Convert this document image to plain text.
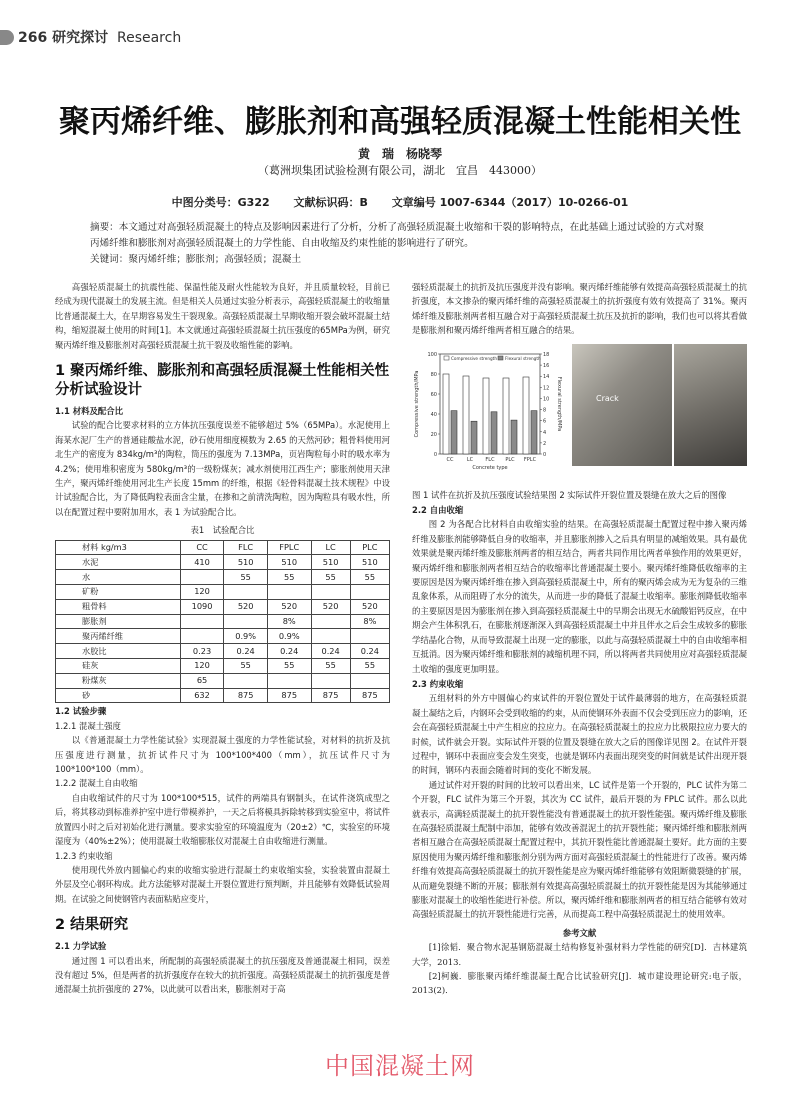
266 研究探讨 Research
聚丙烯纤维、膨胀剂和高强轻质混凝土性能相关性
黄　瑞　杨晓琴
（葛洲坝集团试验检测有限公司，湖北　宜昌　443000）
中图分类号：G322 文献标识码：B 文章编号 1007-6344（2017）10-0266-01
摘要：本文通过对高强轻质混凝土的特点及影响因素进行了分析，分析了高强轻质混凝土收缩和干裂的影响特点，在此基础上通过试验的方式对聚丙烯纤维和膨胀剂对高强轻质混凝土的力学性能、自由收缩及约束性能的影响进行了研究。
关键词：聚丙烯纤维；膨胀剂；高强轻质；混凝土
高强轻质混凝土的抗震性能、保温性能及耐火性能较为良好，并且质量较轻，目前已经成为现代混凝土的发展主流。但是相关人员通过实验分析表示，高强轻质混凝土的收缩量比普通混凝土大，在早期容易发生干裂现象。高强轻质混凝土早期收缩开裂会破坏混凝土结构，缩短混凝土使用的时间[1]。本文就通过高强轻质混凝土抗压强度的65MPa为例，研究聚丙烯纤维及膨胀剂对高强轻质混凝土抗干裂及收缩性能的影响。
1 聚丙烯纤维、膨胀剂和高强轻质混凝土性能相关性分析试验设计
1.1 材料及配合比
试验的配合比要求材料的立方体抗压强度误差不能够超过 5%（65MPa）。水泥使用上海某水泥厂生产的普通硅酸盐水泥，砂石使用细度模数为 2.65 的天然河砂；粗骨料使用河北生产的密度为 834kg/m³的陶粒，筒压的强度为 7.13MPa，页岩陶粒每小时的吸水率为 4.2%；使用堆积密度为 580kg/m³的一级粉煤灰；减水剂使用江西生产；膨胀剂使用天津生产，聚丙烯纤维使用河北生产长度 15mm 的纤维，根据《轻骨料混凝土技术规程》中设计试验配合比，为了降低陶粒表面含尘量，在掺和之前清洗陶粒，因为陶粒具有吸水性，所以在配置过程中要附加用水，表 1 为试验配合比。
表1　试验配合比
材料 kg/m3	CC	FLC	FPLC	LC	PLC
水泥	410	510	510	510	510
水		55	55	55	55
矿粉	120				
粗骨料	1090	520	520	520	520
膨胀剂			8%		8%
聚丙烯纤维		0.9%	0.9%		
水胶比	0.23	0.24	0.24	0.24	0.24
硅灰	120	55	55	55	55
粉煤灰	65				
砂	632	875	875	875	875
1.2 试验步骤
1.2.1 混凝土强度
以《普通混凝土力学性能试验》实现混凝土强度的力学性能试验，对材料的抗折及抗压强度进行测量，抗折试件尺寸为 100*100*400（mm），抗压试件尺寸为 100*100*100（mm）。
1.2.2 混凝土自由收缩
自由收缩试件的尺寸为 100*100*515，试件的两端具有钢制头，在试件浇筑成型之后，将其移动到标准养护室中进行带模养护，一天之后将模具拆除转移到实验室中，将试件放置四小时之后对初始化进行测量。要求实验室的环境温度为（20±2）℃，实验室的环境湿度为（40%±2%）；使用混凝土收缩膨胀仪对混凝土自由收缩进行测量。
1.2.3 约束收缩
使用现代外放内圆偏心约束的收缩实验进行混凝土约束收缩实验，实验装置由混凝土外层及空心钢环构成。此方法能够对混凝土开裂位置进行预判断，并且能够有效降低试验周期。在试验之间使钢管内表面粘贴应变片，
2 结果研究
2.1 力学试验
通过图 1 可以看出来，所配制的高强轻质混凝土的抗压强度及普通混凝土相同，误差没有超过 5%，但是两者的抗折强度存在较大的抗折强度。高强轻质混凝土的抗折强度是普通混凝土抗折强度的 27%，以此就可以看出来，膨胀剂对于高
强轻质混凝土的抗折及抗压强度并没有影响。聚丙烯纤维能够有效提高高强轻质混凝土的抗折强度，本文掺杂的聚丙烯纤维的高强轻质混凝土的抗折强度有效有效提高了 31%。聚丙烯纤维及膨胀剂两者相互融合对于高强轻质混凝土抗压及抗折的影响，我们也可以将其看做是膨胀剂和聚丙烯纤维两者相互融合的结果。
0
20
40
60
80
100
0
2
4
6
8
10
12
14
16
18
CC	LC FLC PLC FPLC
Compressive strength Flexural strength
Concrete type
Compressive strength/MPa	Flexural strength/MPa	Crack
图 1 试件在抗折及抗压强度试验结果图 2 实际试件开裂位置及裂缝在放大之后的图像
2.2 自由收缩
图 2 为各配合比材料自由收缩实验的结果。在高强轻质混凝土配置过程中掺入聚丙烯纤维及膨胀剂能够降低自身的收缩率，并且膨胀剂掺入之后具有明显的减缩效果。具有最优效果就是聚丙烯纤维及膨胀剂两者的相互结合，两者共同作用比两者单独作用的效果更好，聚丙烯纤维和膨胀剂两者相互结合的收缩率比普通混凝土要小。聚丙烯纤维降低收缩率的主要原因是因为聚丙烯纤维在掺入到高强轻质混凝土中，所有的聚丙烯会成为无为复杂的三维乱象体系，从而阻碍了水分的流失，从而进一步的降低了混凝土收缩率。膨胀剂降低收缩率的主要原因是因为膨胀剂在掺入到高强轻质混凝土中的早期会出现无水硫酸铝钙反应，在中期会产生体积乳石，在膨胀剂逐渐深入到高强轻质混凝土中并且伴水之后会生成较多的膨胀学结晶化合物，从而导致混凝土出现一定的膨胀，以此与高强轻质混凝土中的自由收缩率相互抵消。因为聚丙烯纤维和膨胀剂的减缩机理不同，所以将两者共同使用应对高强轻质混凝土收缩的强度更加明显。
2.3 约束收缩
五组材料的外方中圆偏心约束试件的开裂位置处于试件最薄弱的地方，在高强轻质混凝土凝结之后，内钢环会受到收缩的约束，从而使钢环外表面不仅会受到压应力的影响，还会在高强轻质混凝土中产生相应的拉应力。在高强轻质混凝土的拉应力比极限拉应力要大的时候，试件就会开裂。实际试件开裂的位置及裂缝在放大之后的图像详见图 2。在试件开裂过程中，钢环中表面应变会发生突变，也就是钢环内表面出现突变的时间就是试件出现开裂的时间，钢环内表面会随着时间的变化不断发展。
通过试件对开裂的时间的比较可以看出来，LC 试件是第一个开裂的，PLC 试件为第二个开裂，FLC 试件为第三个开裂，其次为 CC 试件，最后开裂的为 FPLC 试件。那么以此就表示，高满轻质混凝土的抗开裂性能没有普通混凝土的抗开裂性能强。聚丙烯纤维及膨胀在高强轻质混凝土配制中添加，能够有效改善混泥土的抗开裂性能；聚丙烯纤维和膨胀剂两者相互融合在高强轻质混凝土配置过程中，其抗开裂性能比普通混凝土要好。此方面的主要原因使用为聚丙烯纤维和膨胀剂分别为两方面对高强轻质混凝土的性能进行了改善。聚丙烯纤维有效提高高强轻质混凝土的抗开裂性能是应为聚丙烯纤维能够有效阻断微裂缝的扩展，从而避免裂缝不断的开展；膨胀剂有效提高高强轻质混凝土的抗开裂性能是因为其能够通过膨胀对混凝土的收缩性能进行补偿。所以，聚丙烯纤维和膨胀剂两者的相互结合能够有效对高强轻质混凝土的抗开裂性能进行完善，从而提高工程中高强轻质混泥土的使用效率。
参考文献
[1]徐韬．聚合物水泥基钢筋混凝土结构修复补强材料力学性能的研究[D]．吉林建筑大学，2013．
[2]柯巍．膨胀聚丙烯纤维混凝土配合比试验研究[J]．城市建设理论研究:电子版，2013(2)．
中国混凝土网
